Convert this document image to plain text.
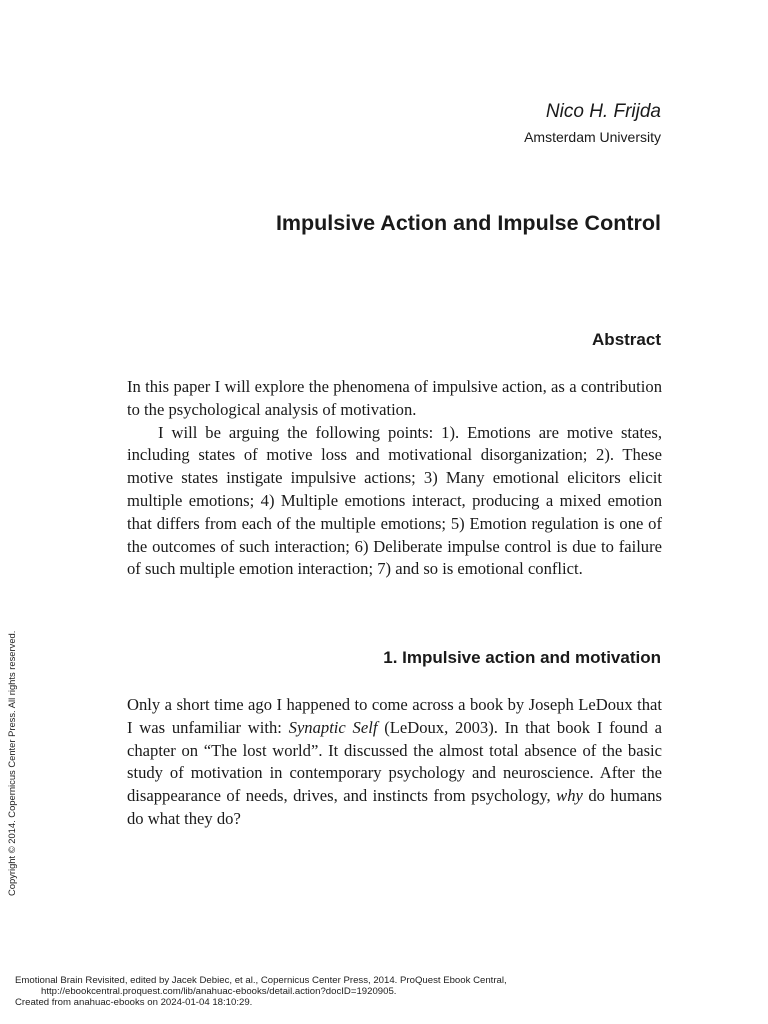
Nico H. Frijda
Amsterdam University
Impulsive Action and Impulse Control
Abstract

In this paper I will explore the phenomena of impulsive action, as a contribution to the psychological analysis of motivation.

I will be arguing the following points: 1). Emotions are motive states, including states of motive loss and motivational disorganization; 2). These motive states instigate impulsive actions; 3) Many emotional elicitors elicit multiple emotions; 4) Multiple emotions interact, producing a mixed emotion that differs from each of the multiple emotions; 5) Emotion regulation is one of the outcomes of such interaction; 6) Deliberate impulse control is due to failure of such multiple emotion interaction; 7) and so is emotional conflict.

1. Impulsive action and motivation

Only a short time ago I happened to come across a book by Joseph LeDoux that I was unfamiliar with: Synaptic Self (LeDoux, 2003). In that book I found a chapter on “The lost world”. It discussed the almost total absence of the basic study of motivation in contemporary psychology and neuroscience. After the disappearance of needs, drives, and instincts from psychology, why do humans do what they do?

Copyright © 2014. Copernicus Center Press. All rights reserved.
Emotional Brain Revisited, edited by Jacek Debiec, et al., Copernicus Center Press, 2014. ProQuest Ebook Central,
http://ebookcentral.proquest.com/lib/anahuac-ebooks/detail.action?docID=1920905.
Created from anahuac-ebooks on 2024-01-04 18:10:29.
